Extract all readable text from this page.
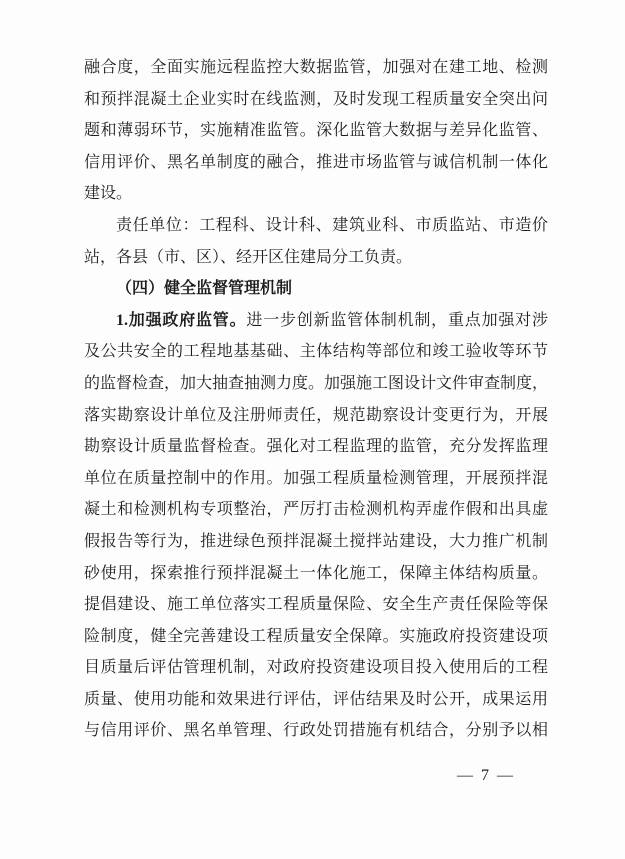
融合度，全面实施远程监控大数据监管，加强对在建工地、检测
和预拌混凝土企业实时在线监测，及时发现工程质量安全突出问
题和薄弱环节，实施精准监管。深化监管大数据与差异化监管、
信用评价、黑名单制度的融合，推进市场监管与诚信机制一体化
建设。
责任单位：工程科、设计科、建筑业科、市质监站、市造价
站，各县（市、区）、经开区住建局分工负责。
（四）健全监督管理机制
1.加强政府监管。进一步创新监管体制机制，重点加强对涉
及公共安全的工程地基基础、主体结构等部位和竣工验收等环节
的监督检查，加大抽查抽测力度。加强施工图设计文件审查制度，
落实勘察设计单位及注册师责任，规范勘察设计变更行为，开展
勘察设计质量监督检查。强化对工程监理的监管，充分发挥监理
单位在质量控制中的作用。加强工程质量检测管理，开展预拌混
凝土和检测机构专项整治，严厉打击检测机构弄虚作假和出具虚
假报告等行为，推进绿色预拌混凝土搅拌站建设，大力推广机制
砂使用，探索推行预拌混凝土一体化施工，保障主体结构质量。
提倡建设、施工单位落实工程质量保险、安全生产责任保险等保
险制度，健全完善建设工程质量安全保障。实施政府投资建设项
目质量后评估管理机制，对政府投资建设项目投入使用后的工程
质量、使用功能和效果进行评估，评估结果及时公开，成果运用
与信用评价、黑名单管理、行政处罚措施有机结合，分别予以相
— 7 —
